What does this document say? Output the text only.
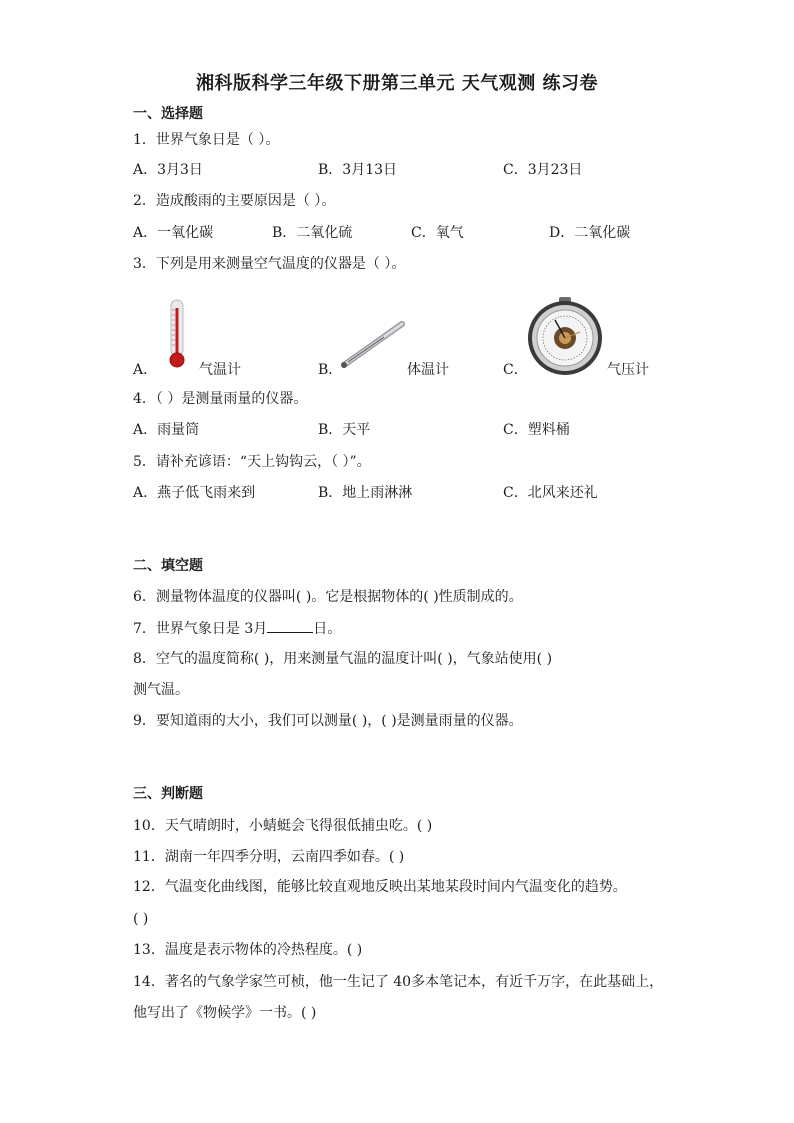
湘科版科学三年级下册第三单元 天气观测 练习卷
一、选择题
1．世界气象日是（ ）。
A．3月3日	B．3月13日	C．3月23日
2．造成酸雨的主要原因是（ ）。
A．一氧化碳	B．二氧化硫	C．氧气	D．二氧化碳
3．下列是用来测量空气温度的仪器是（ ）。
A．	气温计	B．	体温计	C．	气压计
4．（ ）是测量雨量的仪器。
A．雨量筒	B．天平	C．塑料桶
5．请补充谚语：“天上钩钩云，（ ）”。
A．燕子低飞雨来到	B．地上雨淋淋	C．北风来还礼
二、填空题
6．测量物体温度的仪器叫( )。它是根据物体的( )性质制成的。
7．世界气象日是 3月	日。
8．空气的温度简称( )，用来测量气温的温度计叫( )，气象站使用( )
测气温。
9．要知道雨的大小，我们可以测量( )，( )是测量雨量的仪器。
三、判断题
10．天气晴朗时，小蜻蜓会飞得很低捕虫吃。( )
11．湖南一年四季分明，云南四季如春。( )
12．气温变化曲线图，能够比较直观地反映出某地某段时间内气温变化的趋势。
( )
13．温度是表示物体的冷热程度。( )
14．著名的气象学家竺可桢，他一生记了 40多本笔记本，有近千万字，在此基础上，
他写出了《物候学》一书。( )
